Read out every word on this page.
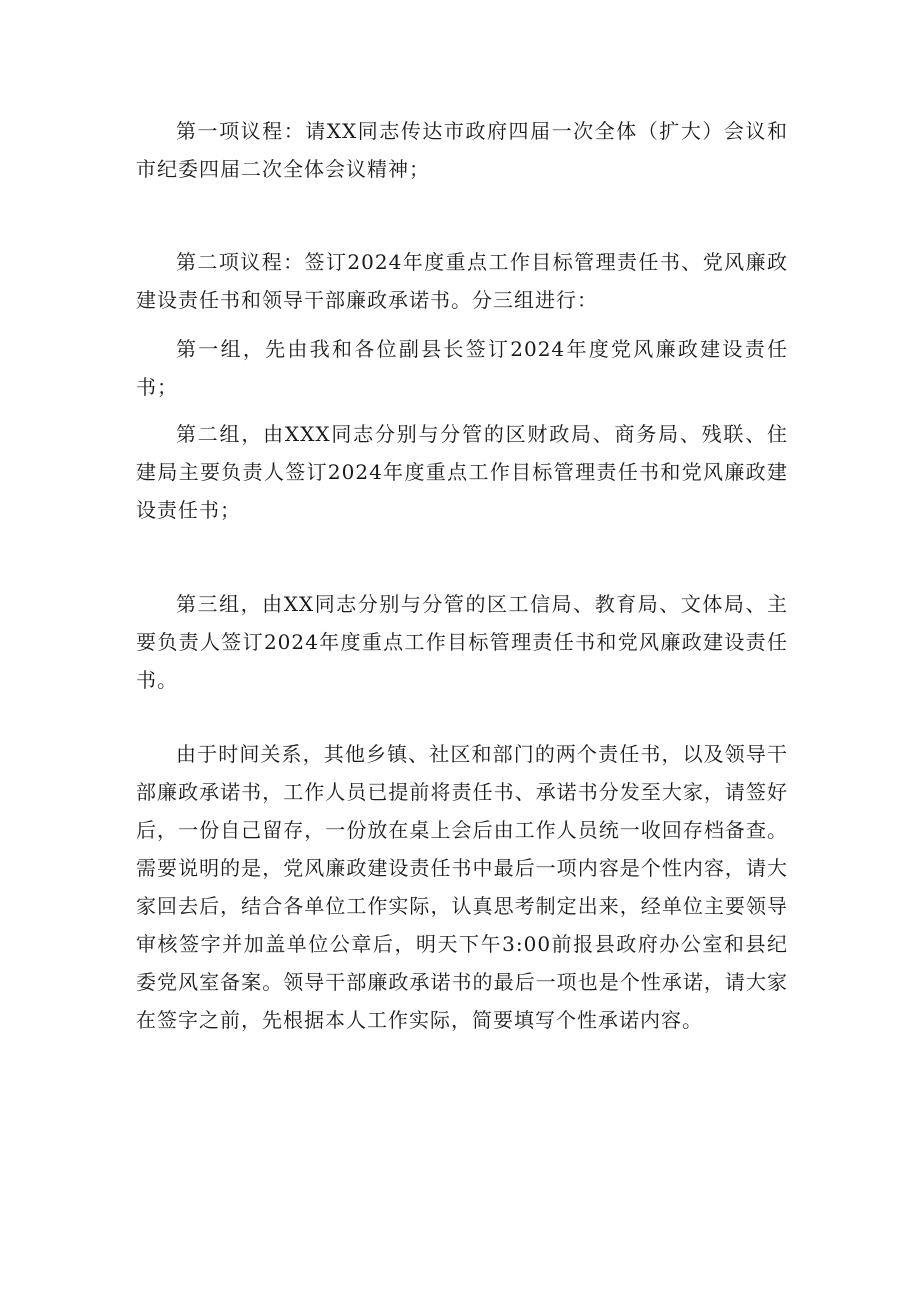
第一项议程：请XX同志传达市政府四届一次全体（扩大）会议和市纪委四届二次全体会议精神；

第二项议程：签订2024年度重点工作目标管理责任书、党风廉政建设责任书和领导干部廉政承诺书。分三组进行：

第一组，先由我和各位副县长签订2024年度党风廉政建设责任书；

第二组，由XXX同志分别与分管的区财政局、商务局、残联、住建局主要负责人签订2024年度重点工作目标管理责任书和党风廉政建设责任书；

第三组，由XX同志分别与分管的区工信局、教育局、文体局、主要负责人签订2024年度重点工作目标管理责任书和党风廉政建设责任书。

由于时间关系，其他乡镇、社区和部门的两个责任书，以及领导干部廉政承诺书，工作人员已提前将责任书、承诺书分发至大家，请签好后，一份自己留存，一份放在桌上会后由工作人员统一收回存档备查。需要说明的是，党风廉政建设责任书中最后一项内容是个性内容，请大家回去后，结合各单位工作实际，认真思考制定出来，经单位主要领导审核签字并加盖单位公章后，明天下午3:00前报县政府办公室和县纪委党风室备案。领导干部廉政承诺书的最后一项也是个性承诺，请大家在签字之前，先根据本人工作实际，简要填写个性承诺内容。
